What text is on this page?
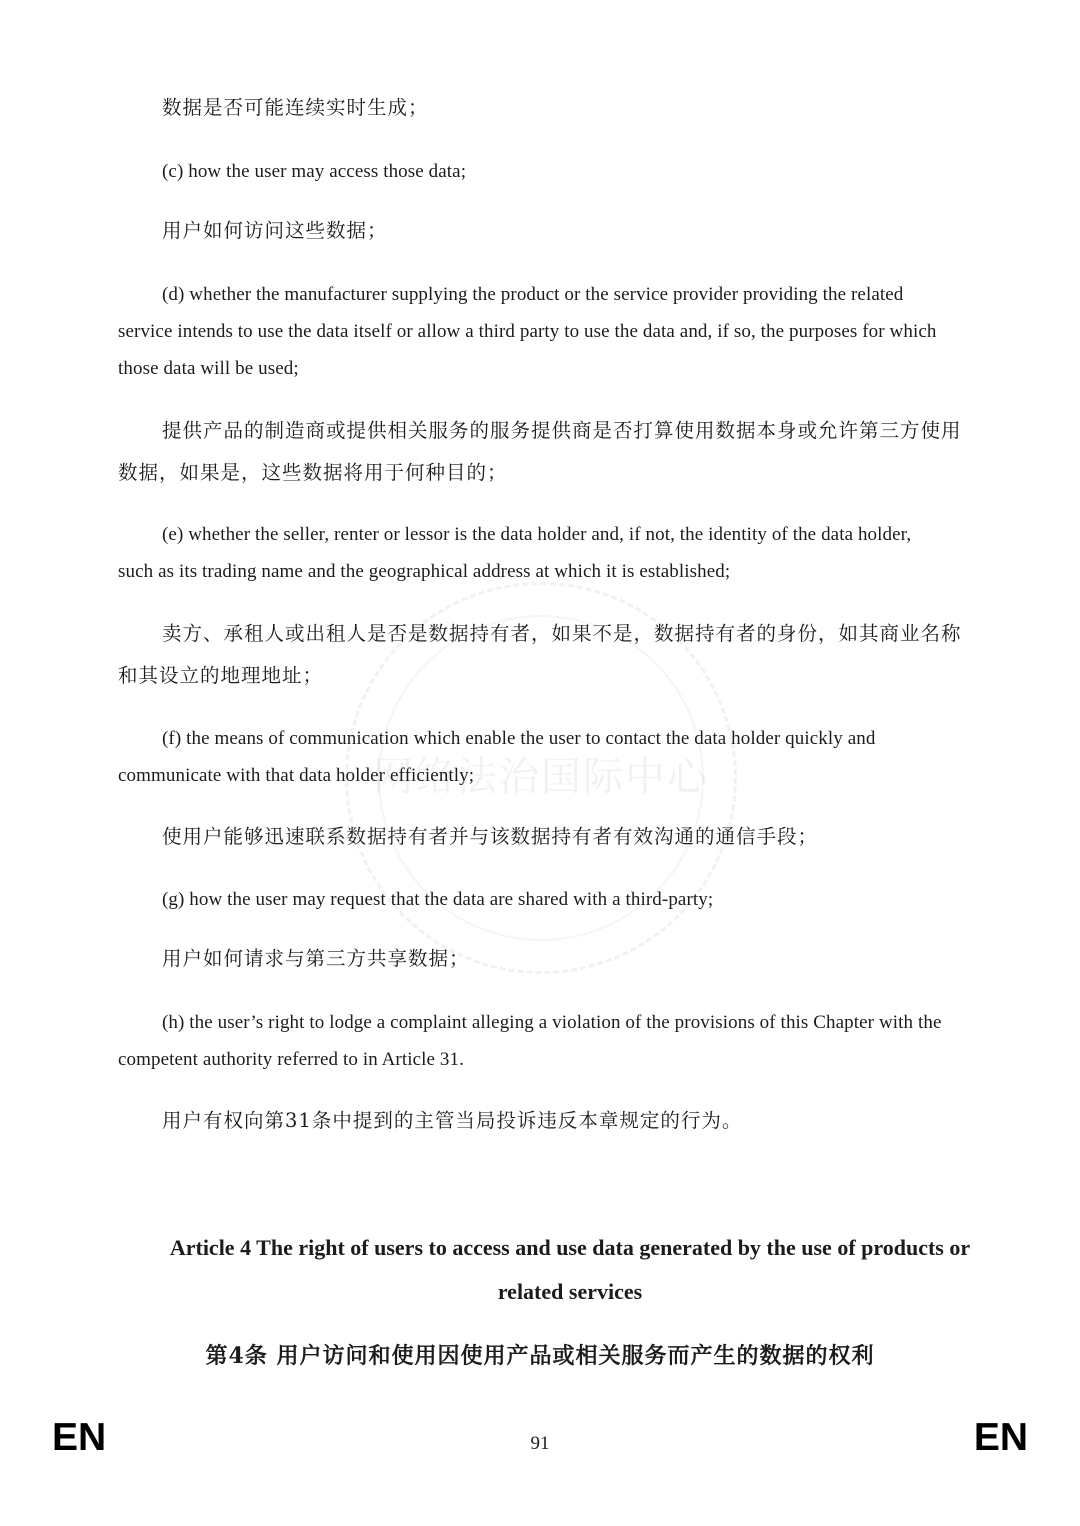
网络法治国际中心

数据是否可能连续实时生成；

(c) how the user may access those data;

用户如何访问这些数据；

(d) whether the manufacturer supplying the product or the service provider providing the related service intends to use the data itself or allow a third party to use the data and, if so, the purposes for which those data will be used;

提供产品的制造商或提供相关服务的服务提供商是否打算使用数据本身或允许第三方使用数据，如果是，这些数据将用于何种目的；

(e) whether the seller, renter or lessor is the data holder and, if not, the identity of the data holder, such as its trading name and the geographical address at which it is established;

卖方、承租人或出租人是否是数据持有者，如果不是，数据持有者的身份，如其商业名称和其设立的地理地址；

(f) the means of communication which enable the user to contact the data holder quickly and communicate with that data holder efficiently;

使用户能够迅速联系数据持有者并与该数据持有者有效沟通的通信手段；

(g) how the user may request that the data are shared with a third-party;

用户如何请求与第三方共享数据；

(h) the user’s right to lodge a complaint alleging a violation of the provisions of this Chapter with the competent authority referred to in Article 31.

用户有权向第31条中提到的主管当局投诉违反本章规定的行为。

Article 4 The right of users to access and use data generated by the use of products or related services
第4条 用户访问和使用因使用产品或相关服务而产生的数据的权利
EN	91	EN
